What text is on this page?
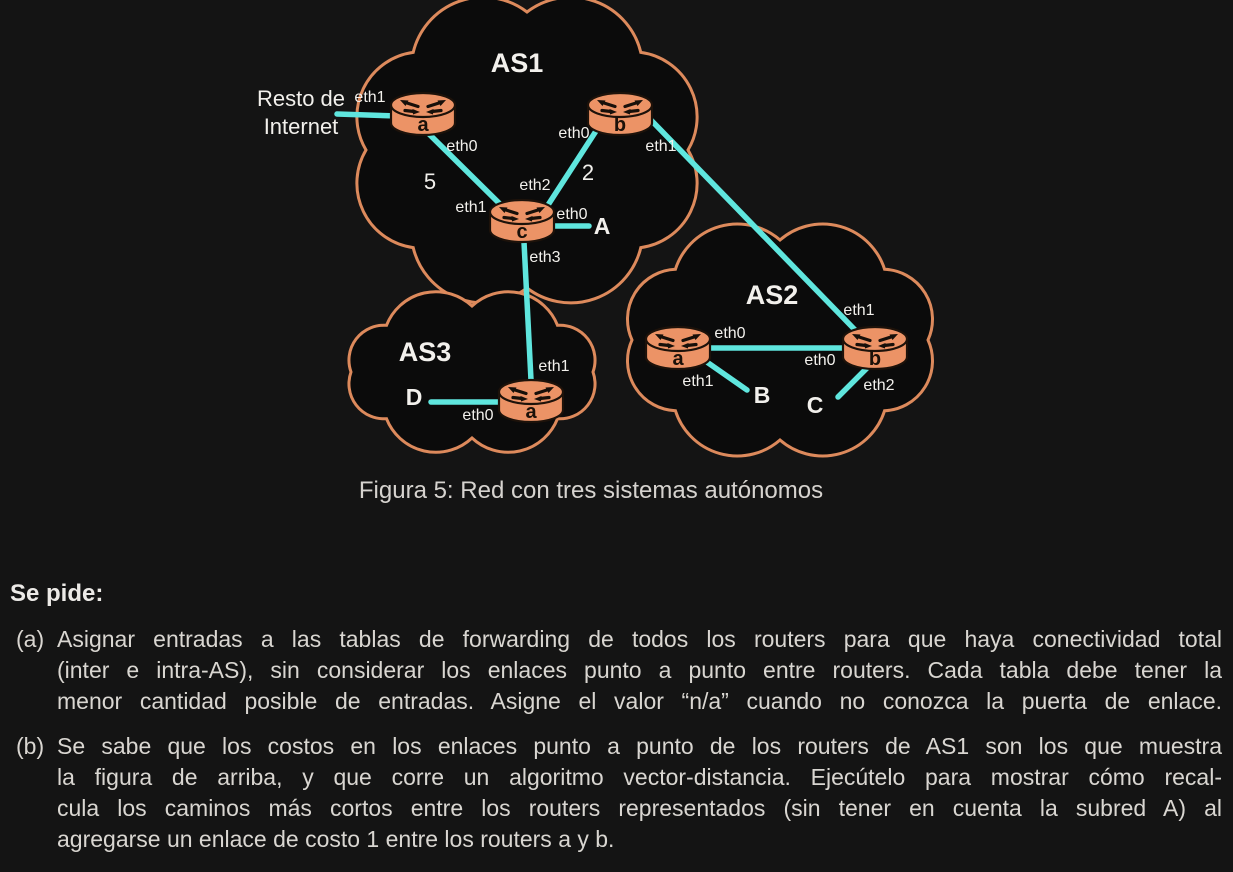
AS1
AS2
AS3
Resto de
Internet	a	b
c
a	b
a
eth1
eth0
eth0
eth1
eth2
eth1	eth0
eth3
eth0
eth1
eth1
eth0
eth2
eth1
eth0
5	2
A
B C
D
Figura 5: Red con tres sistemas autónomos
Se pide:
(a) Asignar entradas a las tablas de forwarding de todos los routers para que haya conectividad total
(inter e intra-AS), sin considerar los enlaces punto a punto entre routers. Cada tabla debe tener la
menor cantidad posible de entradas. Asigne el valor “n/a” cuando no conozca la puerta de enlace.
(b) Se sabe que los costos en los enlaces punto a punto de los routers de AS1 son los que muestra
la figura de arriba, y que corre un algoritmo vector-distancia. Ejecútelo para mostrar cómo recal-
cula los caminos más cortos entre los routers representados (sin tener en cuenta la subred A) al
agregarse un enlace de costo 1 entre los routers a y b.
